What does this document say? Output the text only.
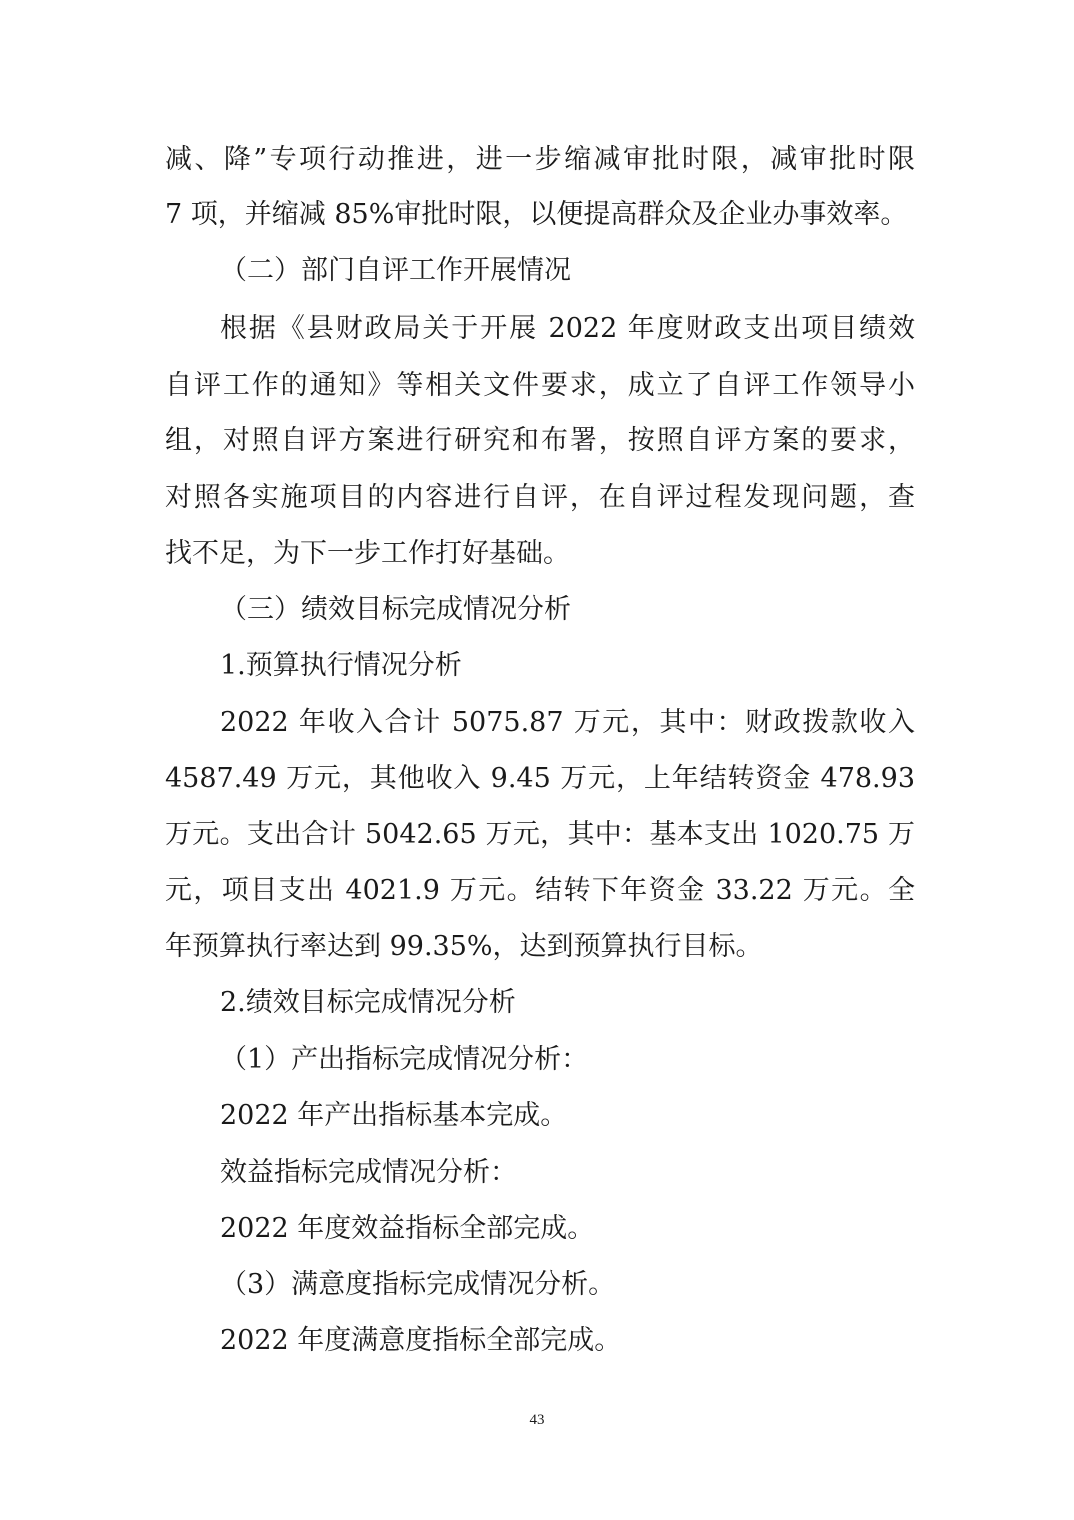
减、降”专项行动推进，进一步缩减审批时限，减审批时限
7 项，并缩减 85%审批时限，以便提高群众及企业办事效率。
（二）部门自评工作开展情况
根据《县财政局关于开展 2022 年度财政支出项目绩效
自评工作的通知》等相关文件要求，成立了自评工作领导小
组，对照自评方案进行研究和布署，按照自评方案的要求，
对照各实施项目的内容进行自评，在自评过程发现问题，查
找不足，为下一步工作打好基础。
（三）绩效目标完成情况分析
1.预算执行情况分析
2022 年收入合计 5075.87 万元，其中：财政拨款收入
4587.49 万元，其他收入 9.45 万元，上年结转资金 478.93
万元。支出合计 5042.65 万元，其中：基本支出 1020.75 万
元，项目支出 4021.9 万元。结转下年资金 33.22 万元。全
年预算执行率达到 99.35%，达到预算执行目标。
2.绩效目标完成情况分析
（1）产出指标完成情况分析：
2022 年产出指标基本完成。
效益指标完成情况分析：
2022 年度效益指标全部完成。
（3）满意度指标完成情况分析。
2022 年度满意度指标全部完成。
43
